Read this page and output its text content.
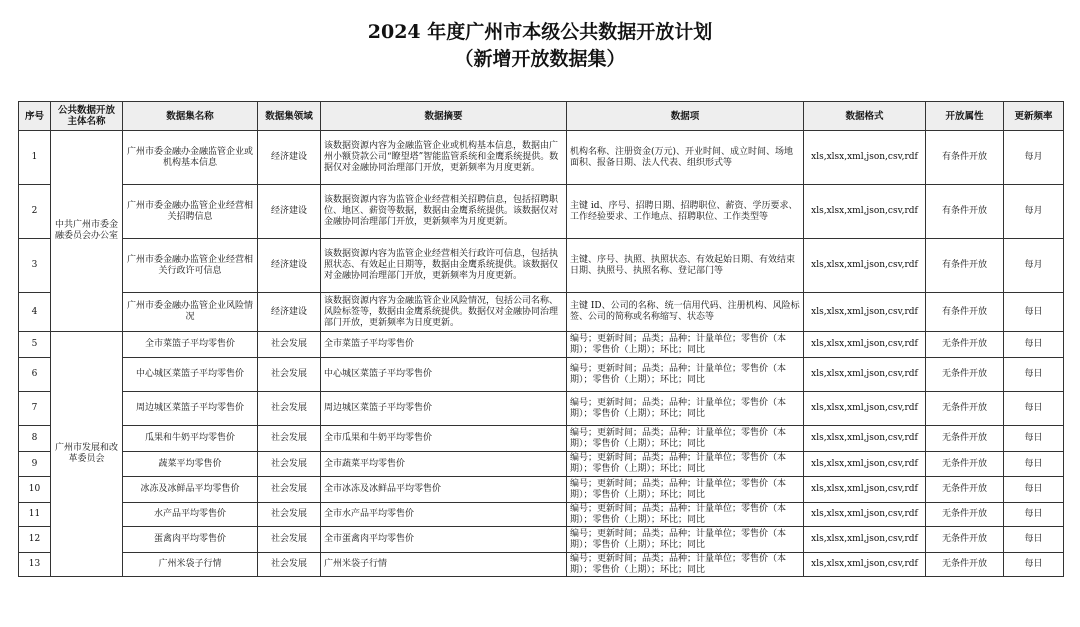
2024 年度广州市本级公共数据开放计划
（新增开放数据集）
序号	公共数据开放主体名称	数据集名称	数据集领域	数据摘要	数据项	数据格式	开放属性	更新频率
1	中共广州市委金融委员会办公室	广州市委金融办金融监管企业或机构基本信息	经济建设	该数据资源内容为金融监管企业或机构基本信息，数据由广州小额贷款公司“瞭望塔”智能监管系统和金鹰系统提供。数据仅对金融协同治理部门开放，更新频率为月度更新。	机构名称、注册资金(万元)、开业时间、成立时间、场地面积、报备日期、法人代表、组织形式等	xls,xlsx,xml,json,csv,rdf	有条件开放	每月
2		广州市委金融办监管企业经营相关招聘信息	经济建设	该数据资源内容为监管企业经营相关招聘信息，包括招聘职位、地区、薪资等数据，数据由金鹰系统提供。该数据仅对金融协同治理部门开放，更新频率为月度更新。	主键 id、序号、招聘日期、招聘职位、薪资、学历要求、工作经验要求、工作地点、招聘职位、工作类型等	xls,xlsx,xml,json,csv,rdf	有条件开放	每月
3		广州市委金融办监管企业经营相关行政许可信息	经济建设	该数据资源内容为监管企业经营相关行政许可信息，包括执照状态、有效起止日期等，数据由金鹰系统提供。该数据仅对金融协同治理部门开放，更新频率为月度更新。	主键、序号、执照、执照状态、有效起始日期、有效结束日期、执照号、执照名称、登记部门等	xls,xlsx,xml,json,csv,rdf	有条件开放	每月
4		广州市委金融办监管企业风险情况	经济建设	该数据资源内容为金融监管企业风险情况，包括公司名称、风险标签等，数据由金鹰系统提供。数据仅对金融协同治理部门开放，更新频率为日度更新。	主键 ID、公司的名称、统一信用代码、注册机构、风险标签、公司的简称或名称缩写、状态等	xls,xlsx,xml,json,csv,rdf	有条件开放	每日
5	广州市发展和改革委员会	全市菜篮子平均零售价	社会发展	全市菜篮子平均零售价	编号；更新时间；品类；品种；计量单位；零售价（本期）；零售价（上期）；环比；同比	xls,xlsx,xml,json,csv,rdf	无条件开放	每日
6		中心城区菜篮子平均零售价	社会发展	中心城区菜篮子平均零售价	编号；更新时间；品类；品种；计量单位；零售价（本期）；零售价（上期）；环比；同比	xls,xlsx,xml,json,csv,rdf	无条件开放	每日
7		周边城区菜篮子平均零售价	社会发展	周边城区菜篮子平均零售价	编号；更新时间；品类；品种；计量单位；零售价（本期）；零售价（上期）；环比；同比	xls,xlsx,xml,json,csv,rdf	无条件开放	每日
8		瓜果和牛奶平均零售价	社会发展	全市瓜果和牛奶平均零售价	编号；更新时间；品类；品种；计量单位；零售价（本期）；零售价（上期）；环比；同比	xls,xlsx,xml,json,csv,rdf	无条件开放	每日
9		蔬菜平均零售价	社会发展	全市蔬菜平均零售价	编号；更新时间；品类；品种；计量单位；零售价（本期）；零售价（上期）；环比；同比	xls,xlsx,xml,json,csv,rdf	无条件开放	每日
10		冰冻及冰鲜品平均零售价	社会发展	全市冰冻及冰鲜品平均零售价	编号；更新时间；品类；品种；计量单位；零售价（本期）；零售价（上期）；环比；同比	xls,xlsx,xml,json,csv,rdf	无条件开放	每日
11		水产品平均零售价	社会发展	全市水产品平均零售价	编号；更新时间；品类；品种；计量单位；零售价（本期）；零售价（上期）；环比；同比	xls,xlsx,xml,json,csv,rdf	无条件开放	每日
12		蛋禽肉平均零售价	社会发展	全市蛋禽肉平均零售价	编号；更新时间；品类；品种；计量单位；零售价（本期）；零售价（上期）；环比；同比	xls,xlsx,xml,json,csv,rdf	无条件开放	每日
13		广州米袋子行情	社会发展	广州米袋子行情	编号；更新时间；品类；品种；计量单位；零售价（本期）；零售价（上期）；环比；同比	xls,xlsx,xml,json,csv,rdf	无条件开放	每日
